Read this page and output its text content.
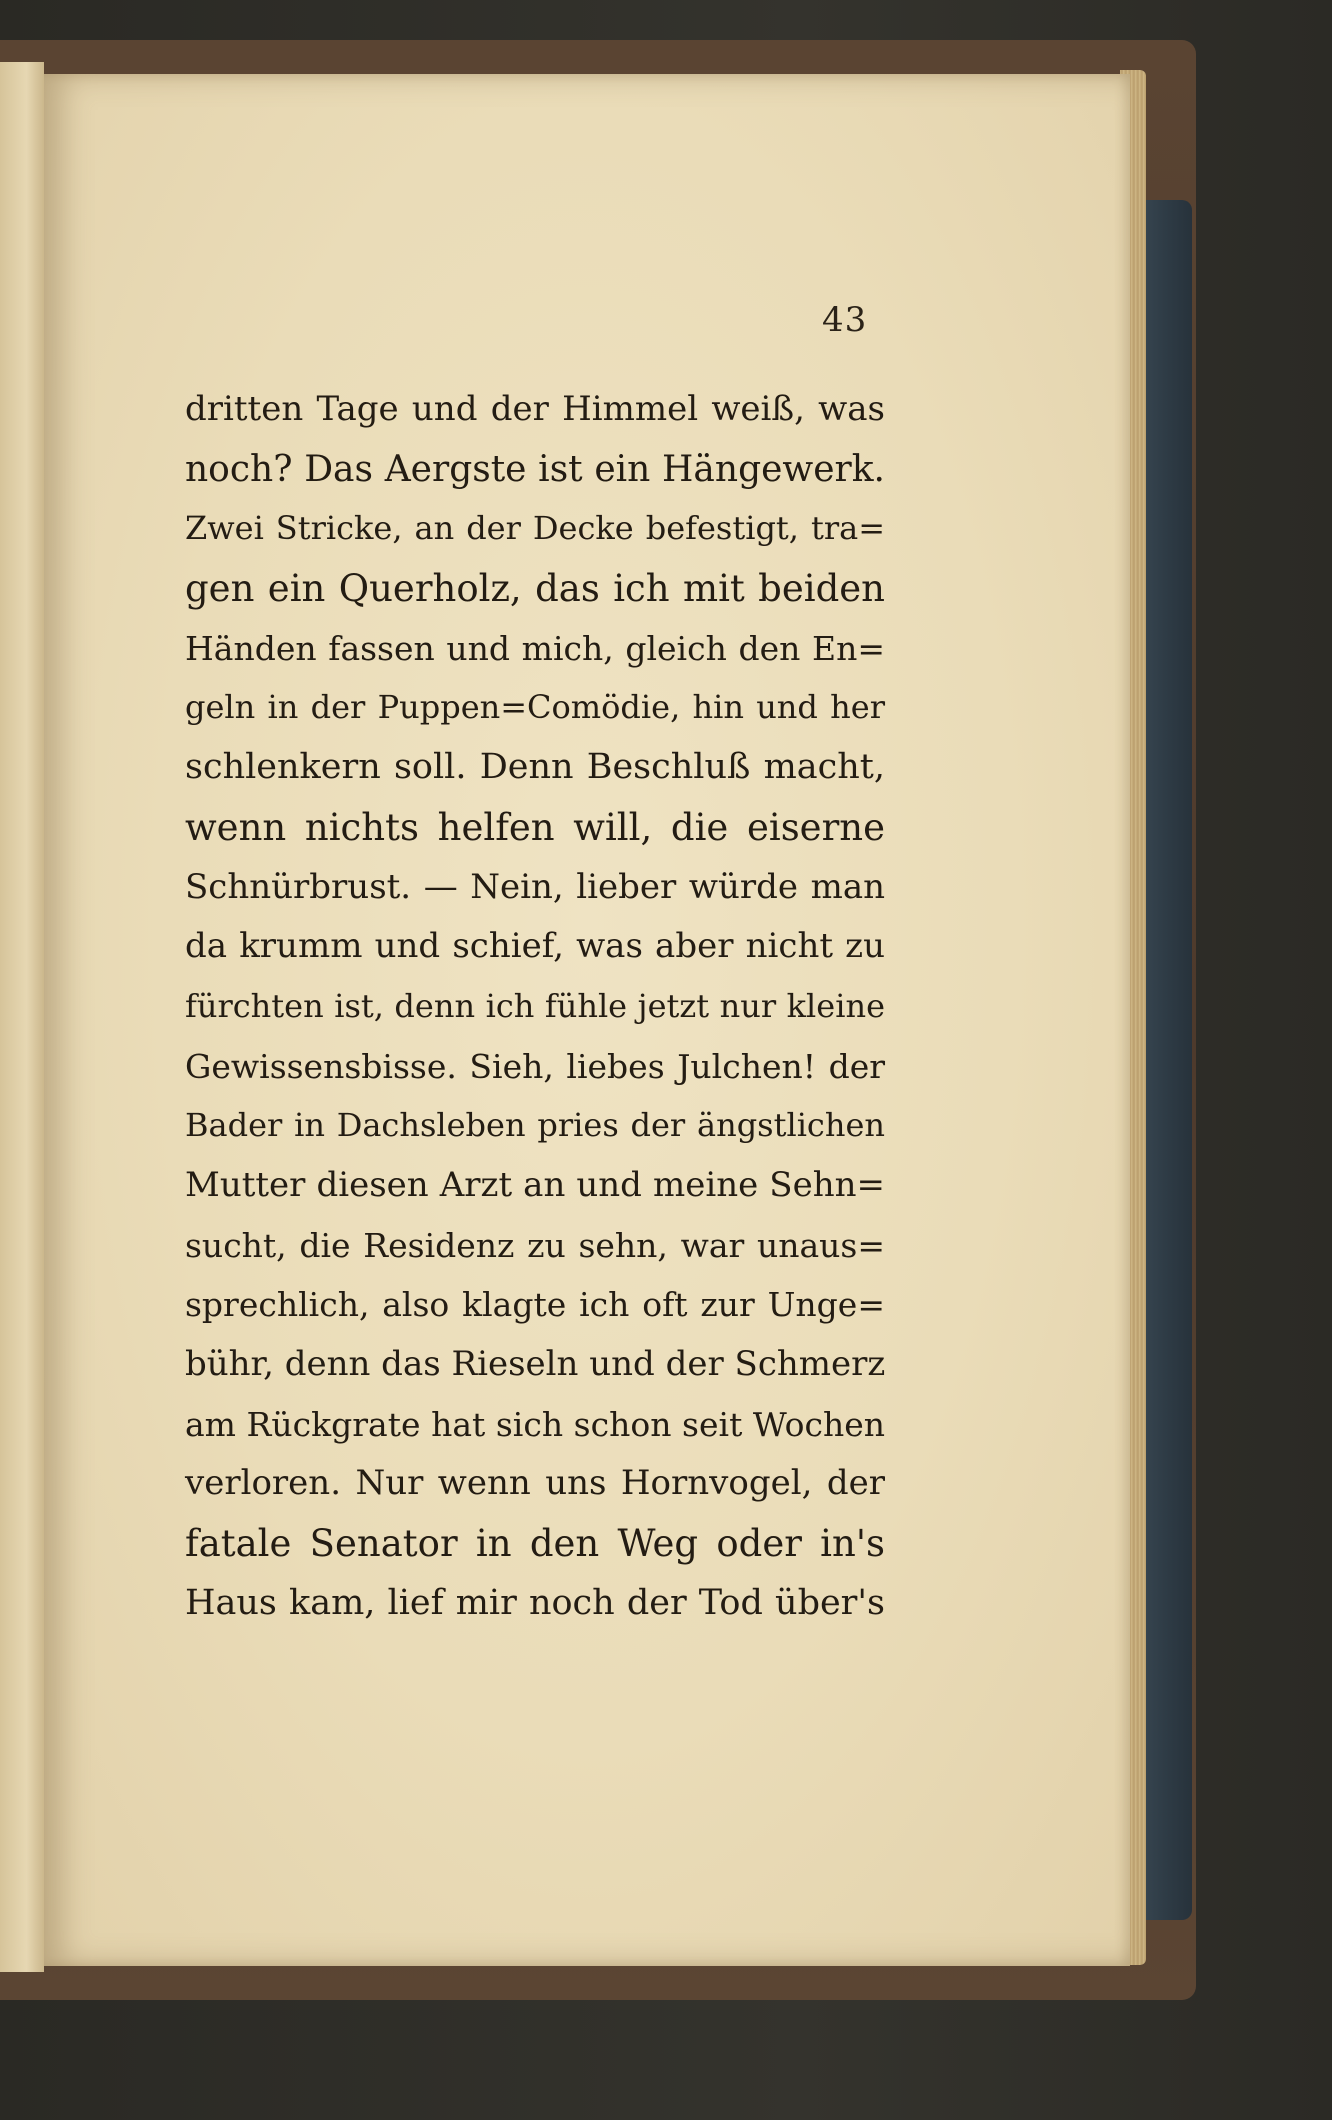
43
dritten Tage und der Himmel weiß, was
noch? Das Aergste ist ein Hängewerk.
Zwei Stricke, an der Decke befestigt, tra=
gen ein Querholz, das ich mit beiden
Händen fassen und mich, gleich den En=
geln in der Puppen=Comödie, hin und her
schlenkern soll. Denn Beschluß macht,
wenn nichts helfen will, die eiserne
Schnürbrust. — Nein, lieber würde man
da krumm und schief, was aber nicht zu
fürchten ist, denn ich fühle jetzt nur kleine
Gewissensbisse. Sieh, liebes Julchen! der
Bader in Dachsleben pries der ängstlichen
Mutter diesen Arzt an und meine Sehn=
sucht, die Residenz zu sehn, war unaus=
sprechlich, also klagte ich oft zur Unge=
bühr, denn das Rieseln und der Schmerz
am Rückgrate hat sich schon seit Wochen
verloren. Nur wenn uns Hornvogel, der
fatale Senator in den Weg oder in's
Haus kam, lief mir noch der Tod über's
